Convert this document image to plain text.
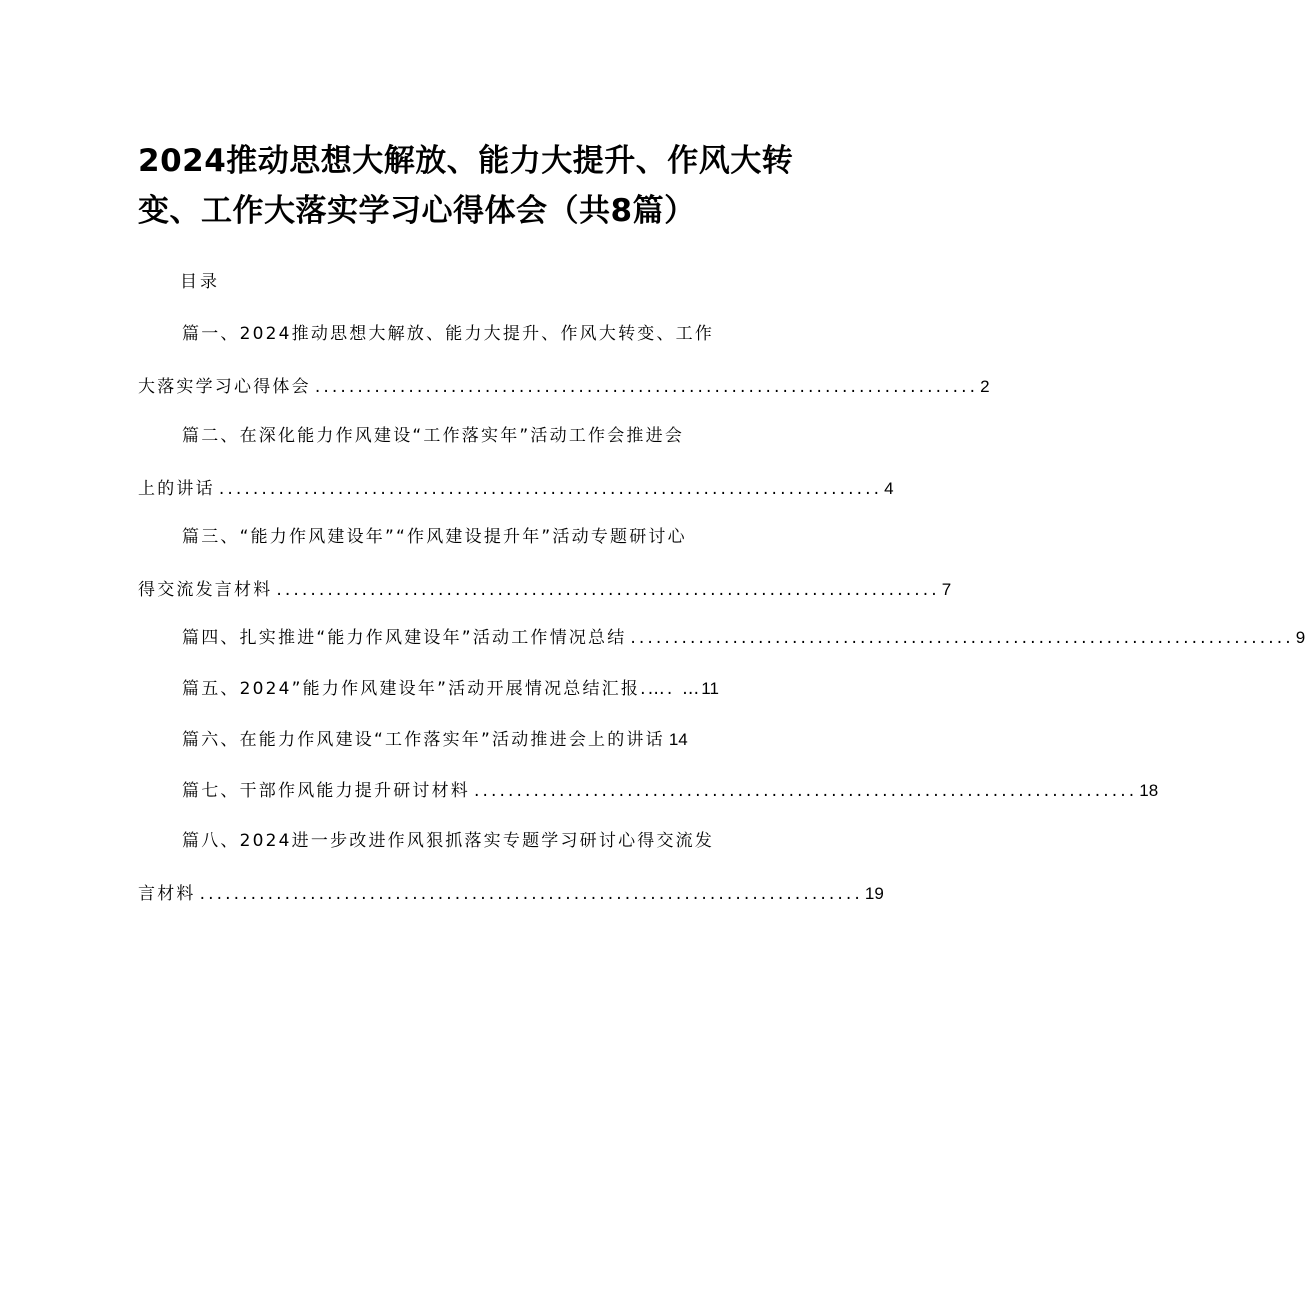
2024推动思想大解放、能力大提升、作风大转变、工作大落实学习心得体会（共8篇）
目录
篇一、2024推动思想大解放、能力大提升、作风大转变、工作
大落实学习心得体会 .............................................................................. 2
篇二、在深化能力作风建设“工作落实年”活动工作会推进会
上的讲话 .............................................................................. 4
篇三、“能力作风建设年”“作风建设提升年”活动专题研讨心
得交流发言材料 .............................................................................. 7
篇四、扎实推进“能力作风建设年”活动工作情况总结 .............................................................................. 9
篇五、2024”能力作风建设年”活动开展情况总结汇报.…. … 11
篇六、在能力作风建设“工作落实年”活动推进会上的讲话 14
篇七、干部作风能力提升研讨材料 .............................................................................. 18
篇八、2024进一步改进作风狠抓落实专题学习研讨心得交流发
言材料 .............................................................................. 19
